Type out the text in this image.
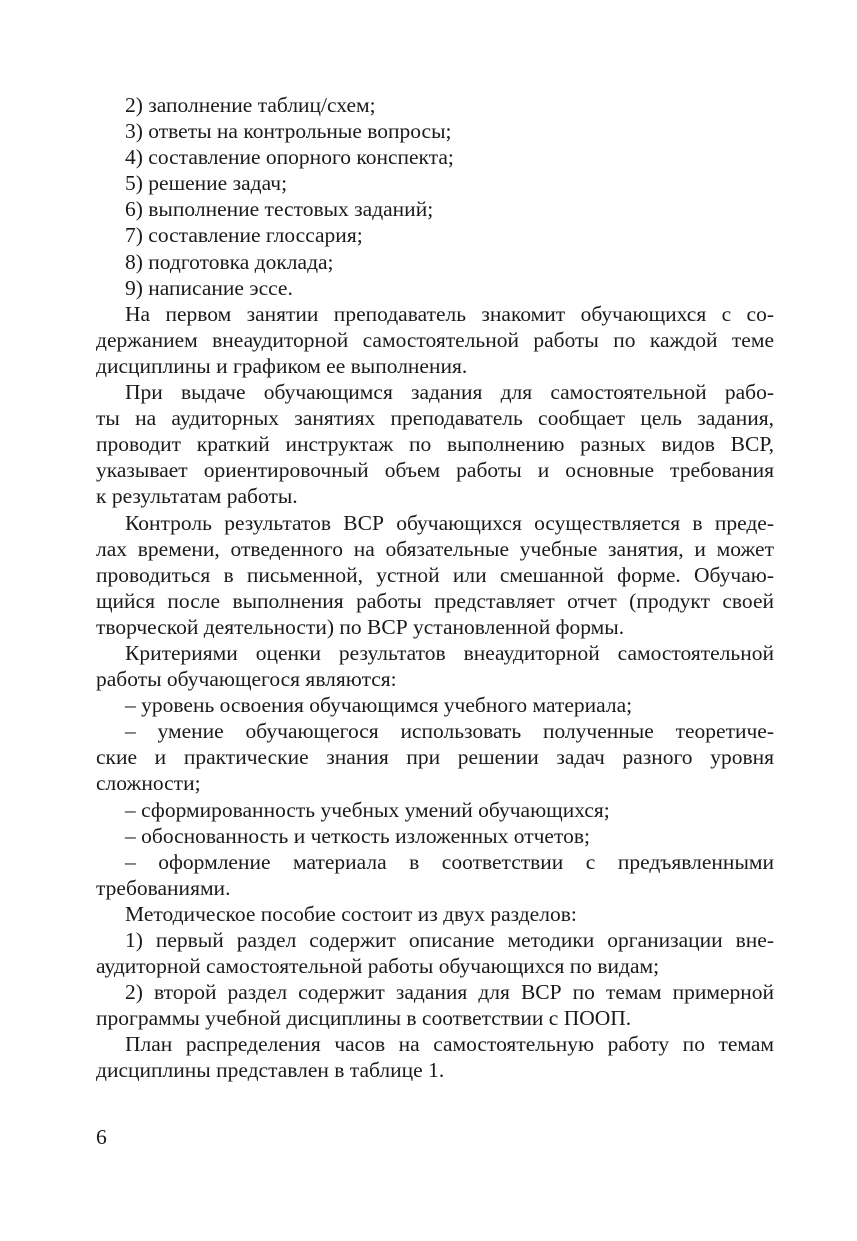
2) заполнение таблиц/схем;
3) ответы на контрольные вопросы;
4) составление опорного конспекта;
5) решение задач;
6) выполнение тестовых заданий;
7) составление глоссария;
8) подготовка доклада;
9) написание эссе.
На первом занятии преподаватель знакомит обучающихся с со-
держанием внеаудиторной самостоятельной работы по каждой теме
дисциплины и графиком ее выполнения.
При выдаче обучающимся задания для самостоятельной рабо-
ты на аудиторных занятиях преподаватель сообщает цель задания,
проводит краткий инструктаж по выполнению разных видов ВСР,
указывает ориентировочный объем работы и основные требования
к результатам работы.
Контроль результатов ВСР обучающихся осуществляется в преде-
лах времени, отведенного на обязательные учебные занятия, и может
проводиться в письменной, устной или смешанной форме. Обучаю-
щийся после выполнения работы представляет отчет (продукт своей
творческой деятельности) по ВСР установленной формы.
Критериями оценки результатов внеаудиторной самостоятельной
работы обучающегося являются:
– уровень освоения обучающимся учебного материала;
– умение обучающегося использовать полученные теоретиче-
ские и практические знания при решении задач разного уровня
сложности;
– сформированность учебных умений обучающихся;
– обоснованность и четкость изложенных отчетов;
– оформление материала в соответствии с предъявленными
требованиями.
Методическое пособие состоит из двух разделов:
1) первый раздел содержит описание методики организации вне-
аудиторной самостоятельной работы обучающихся по видам;
2) второй раздел содержит задания для ВСР по темам примерной
программы учебной дисциплины в соответствии с ПООП.
План распределения часов на самостоятельную работу по темам
дисциплины представлен в таблице 1.
6
